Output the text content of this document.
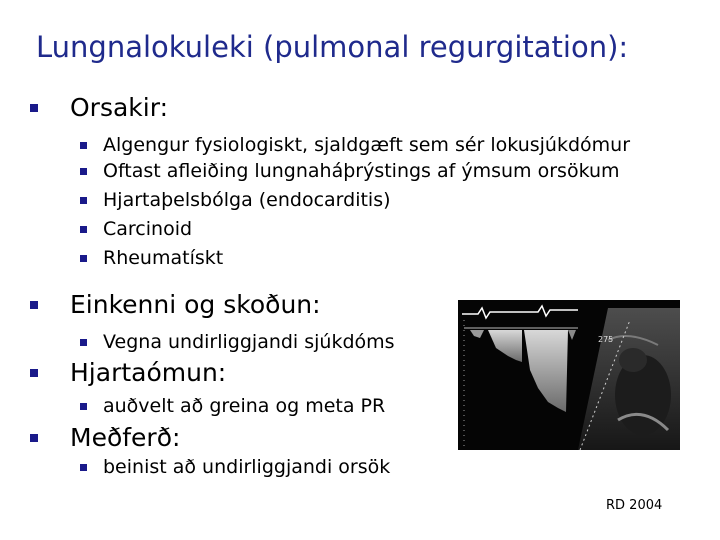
Lungnalokuleki (pulmonal regurgitation):
Orsakir:
Algengur fysiologiskt, sjaldgæft sem sér lokusjúkdómur
Oftast afleiðing lungnaháþrýstings af ýmsum orsökum
Hjartaþelsbólga (endocarditis)
Carcinoid
Rheumatískt
Einkenni og skoðun:
Vegna undirliggjandi sjúkdóms
Hjartaómun:
auðvelt að greina og meta PR
Meðferð:
beinist að undirliggjandi orsök
275
RD 2004
